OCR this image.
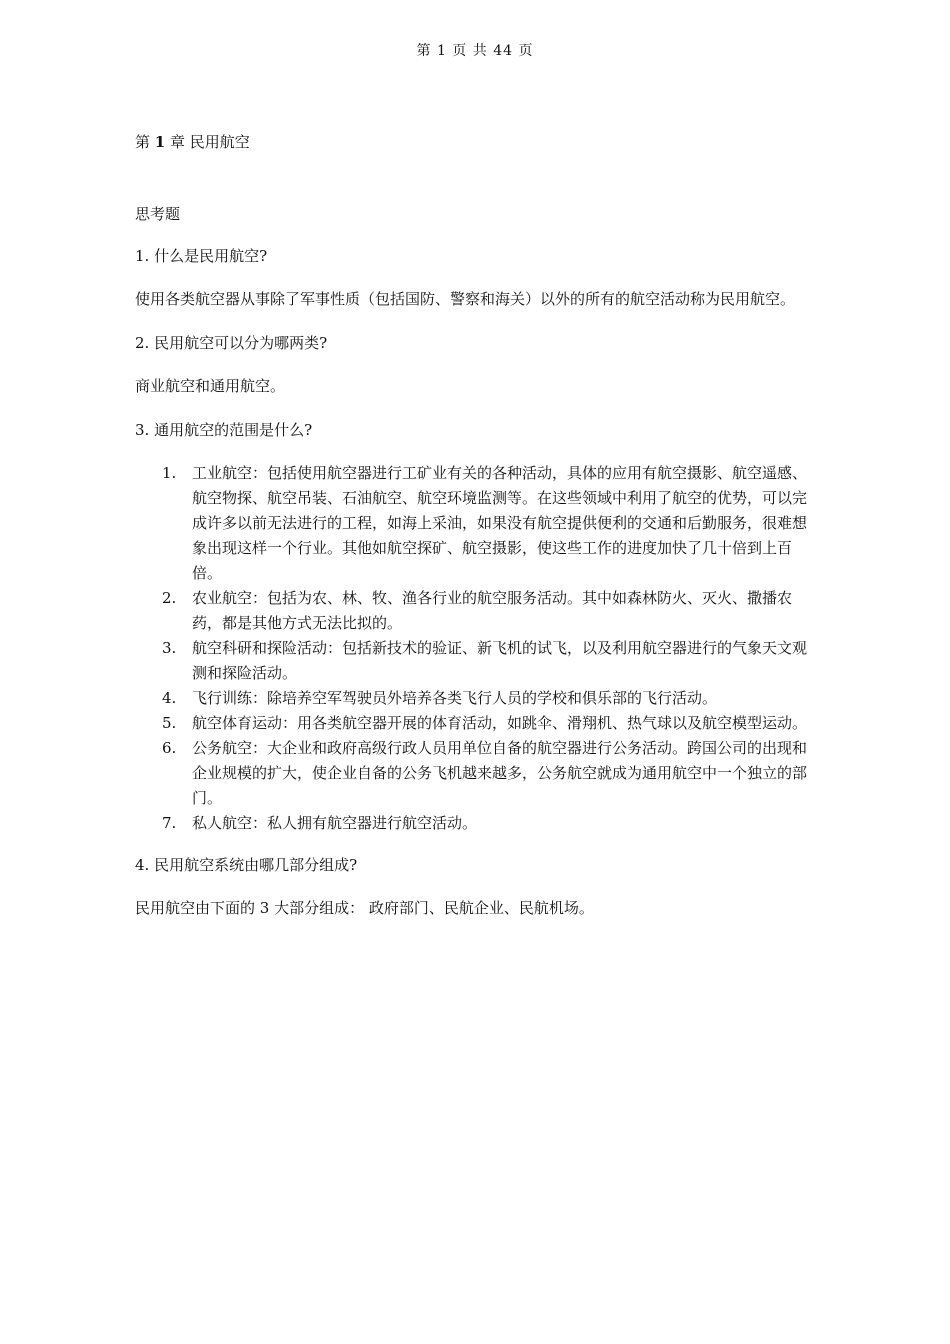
第 1 页 共 44 页
第 1 章 民用航空
思考题
1. 什么是民用航空?
使用各类航空器从事除了军事性质（包括国防、警察和海关）以外的所有的航空活动称为民用航空。
2. 民用航空可以分为哪两类?
商业航空和通用航空。
3. 通用航空的范围是什么?
1. 工业航空：包括使用航空器进行工矿业有关的各种活动，具体的应用有航空摄影、航空遥感、航空物探、航空吊装、石油航空、航空环境监测等。在这些领域中利用了航空的优势，可以完成许多以前无法进行的工程，如海上采油，如果没有航空提供便利的交通和后勤服务，很难想象出现这样一个行业。其他如航空探矿、航空摄影，使这些工作的进度加快了几十倍到上百倍。
2. 农业航空：包括为农、林、牧、渔各行业的航空服务活动。其中如森林防火、灭火、撒播农药，都是其他方式无法比拟的。
3. 航空科研和探险活动：包括新技术的验证、新飞机的试飞，以及利用航空器进行的气象天文观测和探险活动。
4. 飞行训练：除培养空军驾驶员外培养各类飞行人员的学校和俱乐部的飞行活动。
5. 航空体育运动：用各类航空器开展的体育活动，如跳伞、滑翔机、热气球以及航空模型运动。
6. 公务航空：大企业和政府高级行政人员用单位自备的航空器进行公务活动。跨国公司的出现和企业规模的扩大，使企业自备的公务飞机越来越多，公务航空就成为通用航空中一个独立的部门。
7. 私人航空：私人拥有航空器进行航空活动。
4. 民用航空系统由哪几部分组成?
民用航空由下面的 3 大部分组成： 政府部门、民航企业、民航机场。
